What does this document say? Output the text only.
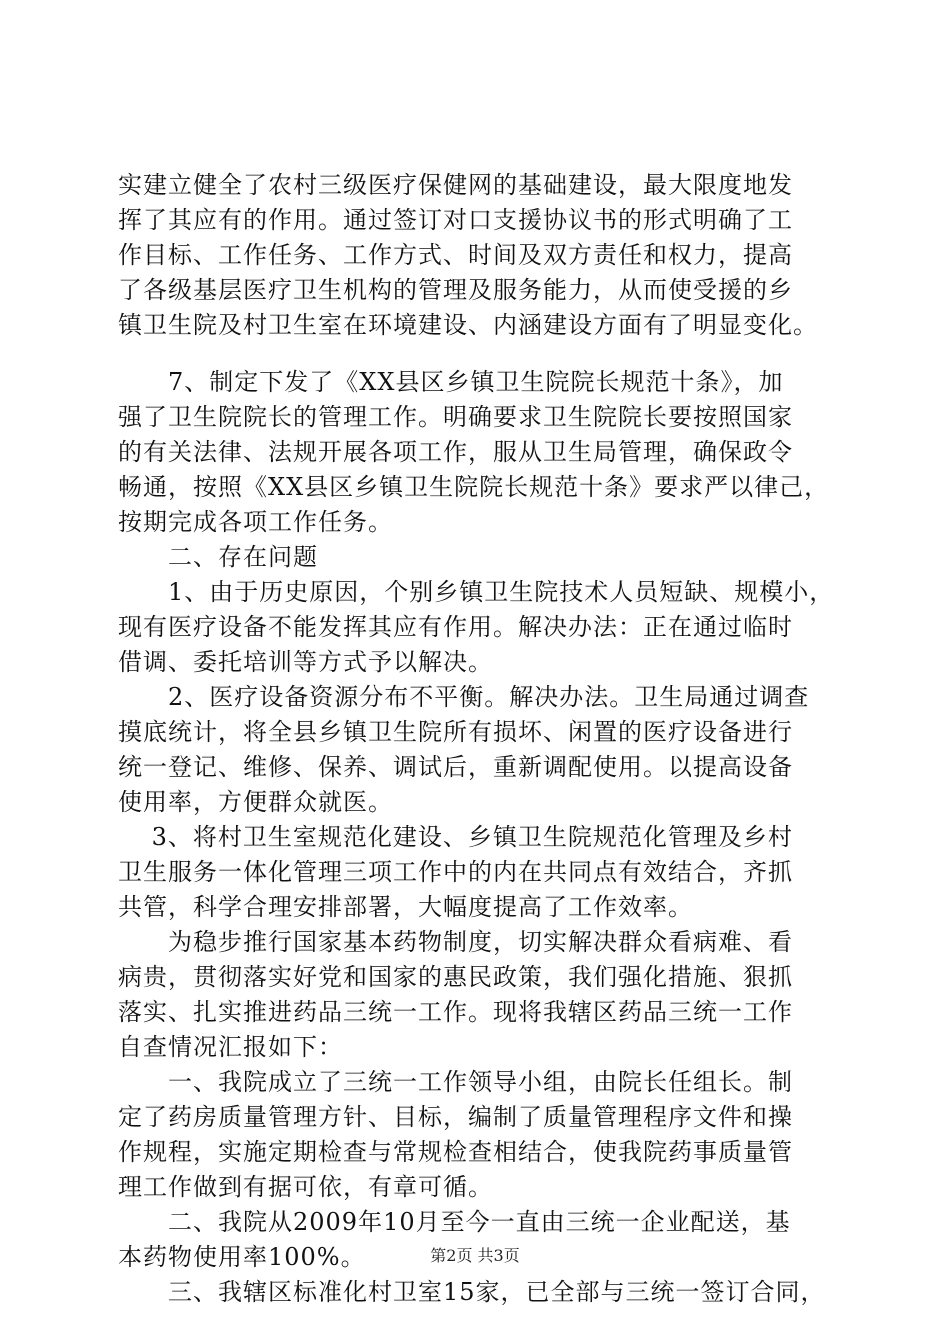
实建立健全了农村三级医疗保健网的基础建设，最大限度地发
挥了其应有的作用。通过签订对口支援协议书的形式明确了工
作目标、工作任务、工作方式、时间及双方责任和权力，提高
了各级基层医疗卫生机构的管理及服务能力，从而使受援的乡
镇卫生院及村卫生室在环境建设、内涵建设方面有了明显变化。
　　7、制定下发了《XX县区乡镇卫生院院长规范十条》，加
强了卫生院院长的管理工作。明确要求卫生院院长要按照国家
的有关法律、法规开展各项工作，服从卫生局管理，确保政令
畅通，按照《XX县区乡镇卫生院院长规范十条》要求严以律己，
按期完成各项工作任务。
　　二、存在问题
　　1、由于历史原因，个别乡镇卫生院技术人员短缺、规模小，
现有医疗设备不能发挥其应有作用。解决办法：正在通过临时
借调、委托培训等方式予以解决。
　　2、医疗设备资源分布不平衡。解决办法。卫生局通过调查
摸底统计，将全县乡镇卫生院所有损坏、闲置的医疗设备进行
统一登记、维修、保养、调试后，重新调配使用。以提高设备
使用率，方便群众就医。
　 3、将村卫生室规范化建设、乡镇卫生院规范化管理及乡村
卫生服务一体化管理三项工作中的内在共同点有效结合，齐抓
共管，科学合理安排部署，大幅度提高了工作效率。
　　为稳步推行国家基本药物制度，切实解决群众看病难、看
病贵，贯彻落实好党和国家的惠民政策，我们强化措施、狠抓
落实、扎实推进药品三统一工作。现将我辖区药品三统一工作
自查情况汇报如下：
　　一、我院成立了三统一工作领导小组，由院长任组长。制
定了药房质量管理方针、目标，编制了质量管理程序文件和操
作规程，实施定期检查与常规检查相结合，使我院药事质量管
理工作做到有据可依，有章可循。
　　二、我院从2009年10月至今一直由三统一企业配送，基
本药物使用率100%。
　　三、我辖区标准化村卫室15家，已全部与三统一签订合同，
第2页 共3页
